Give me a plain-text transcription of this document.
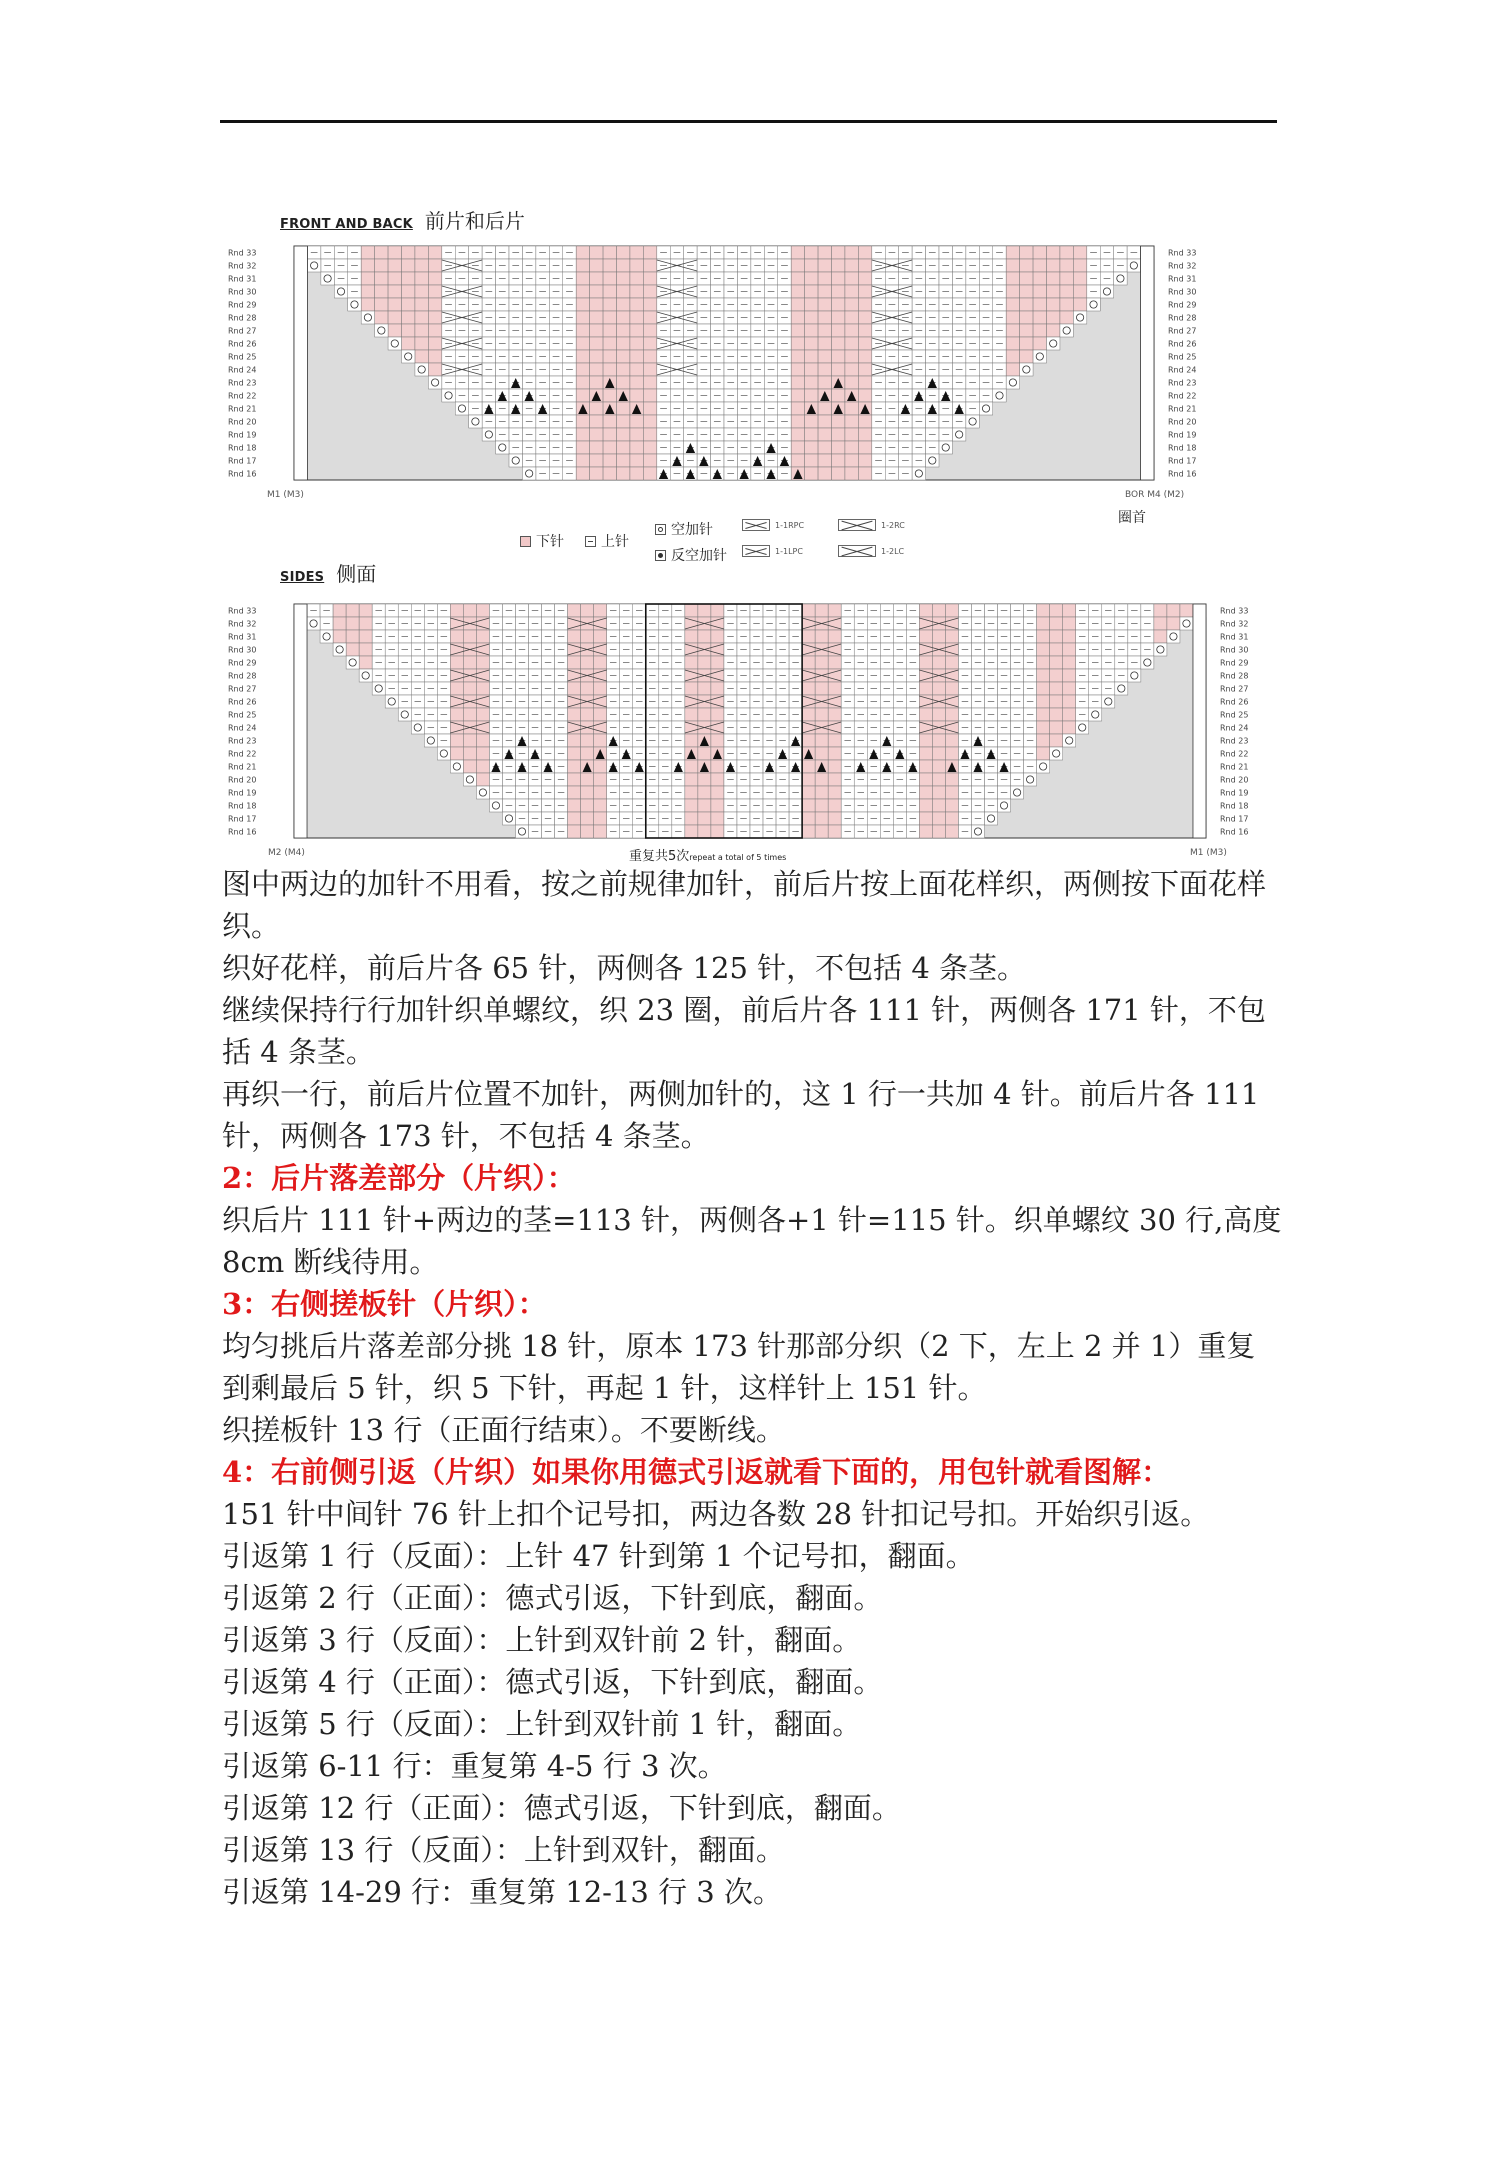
FRONT AND BACK 前片和后片
Rnd 33	Rnd 33
Rnd 32	Rnd 32
Rnd 31	Rnd 31
Rnd 30	Rnd 30
Rnd 29	Rnd 29
Rnd 28	Rnd 28
Rnd 27	Rnd 27
Rnd 26	Rnd 26
Rnd 25	Rnd 25
Rnd 24	Rnd 24
Rnd 23	Rnd 23
Rnd 22	Rnd 22
Rnd 21	Rnd 21
Rnd 20	Rnd 20
Rnd 19	Rnd 19
Rnd 18	Rnd 18
Rnd 17	Rnd 17
Rnd 16	Rnd 16
M1 (M3)	BOR M4 (M2)
圈首
下针	上针
空加针
反空加针
1-1RPC
1-1LPC
1-2RC
1-2LC
SIDES 侧面
Rnd 33	Rnd 33
Rnd 32	Rnd 32
Rnd 31	Rnd 31
Rnd 30	Rnd 30
Rnd 29	Rnd 29
Rnd 28	Rnd 28
Rnd 27	Rnd 27
Rnd 26	Rnd 26
Rnd 25	Rnd 25
Rnd 24	Rnd 24
Rnd 23	Rnd 23
Rnd 22	Rnd 22
Rnd 21	Rnd 21
Rnd 20	Rnd 20
Rnd 19	Rnd 19
Rnd 18	Rnd 18
Rnd 17	Rnd 17
Rnd 16	Rnd 16
M2 (M4)	M1 (M3)
重复共5次repeat a total of 5 times

图中两边的加针不用看，按之前规律加针，前后片按上面花样织，两侧按下面花样织。

织好花样，前后片各 65 针，两侧各 125 针，不包括 4 条茎。

继续保持行行加针织单螺纹，织 23 圈，前后片各 111 针，两侧各 171 针，不包括 4 条茎。

再织一行，前后片位置不加针，两侧加针的，这 1 行一共加 4 针。前后片各 111 针，两侧各 173 针，不包括 4 条茎。

2：后片落差部分（片织）：

织后片 111 针+两边的茎=113 针，两侧各+1 针=115 针。织单螺纹 30 行,高度 8cm 断线待用。

3：右侧搓板针（片织）：

均匀挑后片落差部分挑 18 针，原本 173 针那部分织（2 下，左上 2 并 1）重复到剩最后 5 针，织 5 下针，再起 1 针，这样针上 151 针。

织搓板针 13 行（正面行结束）。不要断线。

4：右前侧引返（片织）如果你用德式引返就看下面的，用包针就看图解：

151 针中间针 76 针上扣个记号扣，两边各数 28 针扣记号扣。开始织引返。

引返第 1 行（反面）：上针 47 针到第 1 个记号扣，翻面。

引返第 2 行（正面）：德式引返，下针到底，翻面。

引返第 3 行（反面）：上针到双针前 2 针，翻面。

引返第 4 行（正面）：德式引返，下针到底，翻面。

引返第 5 行（反面）：上针到双针前 1 针，翻面。

引返第 6-11 行：重复第 4-5 行 3 次。

引返第 12 行（正面）：德式引返，下针到底，翻面。

引返第 13 行（反面）：上针到双针，翻面。

引返第 14-29 行：重复第 12-13 行 3 次。
